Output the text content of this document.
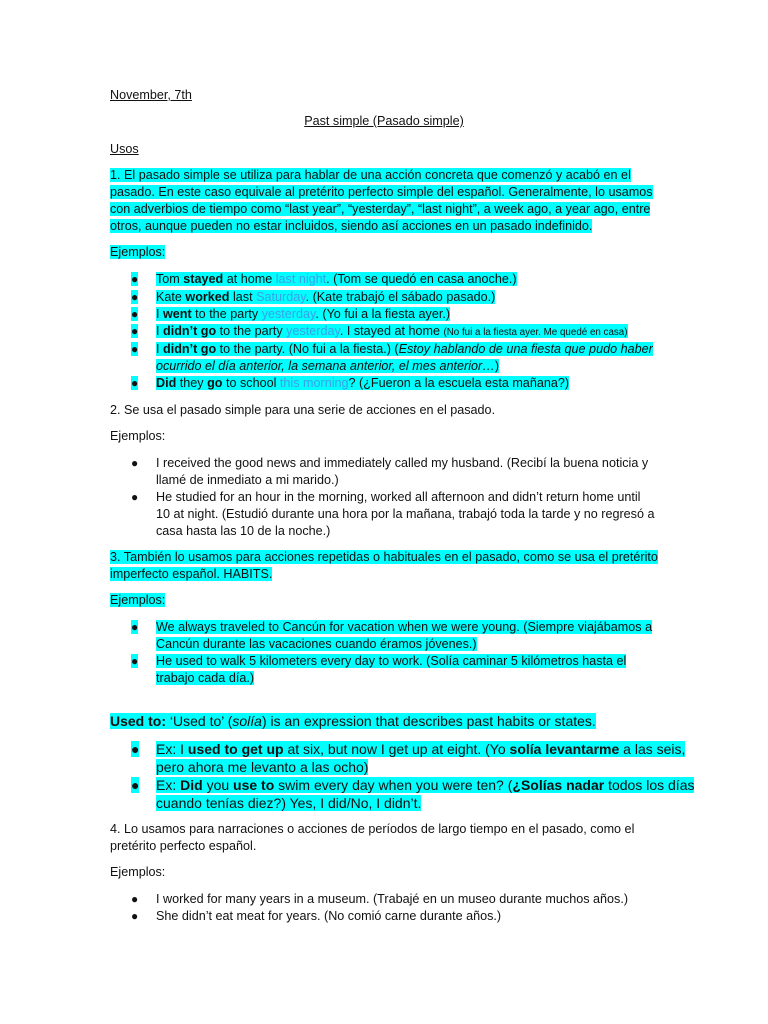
November, 7th
Past simple (Pasado simple)
Usos
1. El pasado simple se utiliza para hablar de una acción concreta que comenzó y acabó en el
pasado. En este caso equivale al pretérito perfecto simple del español. Generalmente, lo usamos
con adverbios de tiempo como “last year”, “yesterday”, “last night”, a week ago, a year ago, entre
otros, aunque pueden no estar incluidos, siendo así acciones en un pasado indefinido.
Ejemplos:
● Tom stayed at home last night. (Tom se quedó en casa anoche.)
● Kate worked last Saturday. (Kate trabajó el sábado pasado.)
● I went to the party yesterday. (Yo fui a la fiesta ayer.)
● I didn’t go to the party yesterday. I stayed at home (No fui a la fiesta ayer. Me quedé en casa)
● I didn’t go to the party. (No fui a la fiesta.) (Estoy hablando de una fiesta que pudo haber
ocurrido el día anterior, la semana anterior, el mes anterior…)
● Did they go to school this morning? (¿Fueron a la escuela esta mañana?)
2. Se usa el pasado simple para una serie de acciones en el pasado.
Ejemplos:
● I received the good news and immediately called my husband. (Recibí la buena noticia y
llamé de inmediato a mi marido.)
● He studied for an hour in the morning, worked all afternoon and didn’t return home until
10 at night. (Estudió durante una hora por la mañana, trabajó toda la tarde y no regresó a
casa hasta las 10 de la noche.)
3. También lo usamos para acciones repetidas o habituales en el pasado, como se usa el pretérito
imperfecto español. HABITS.
Ejemplos:
● We always traveled to Cancún for vacation when we were young. (Siempre viajábamos a
Cancún durante las vacaciones cuando éramos jóvenes.)
● He used to walk 5 kilometers every day to work. (Solía caminar 5 kilómetros hasta el
trabajo cada día.)
Used to: ‘Used to’ (solía) is an expression that describes past habits or states.
● Ex: I used to get up at six, but now I get up at eight. (Yo solía levantarme a las seis,
pero ahora me levanto a las ocho)
● Ex: Did you use to swim every day when you were ten? (¿Solías nadar todos los días
cuando tenías diez?) Yes, I did/No, I didn’t.
4. Lo usamos para narraciones o acciones de períodos de largo tiempo en el pasado, como el
pretérito perfecto español.
Ejemplos:
● I worked for many years in a museum. (Trabajé en un museo durante muchos años.)
● She didn’t eat meat for years. (No comió carne durante años.)
